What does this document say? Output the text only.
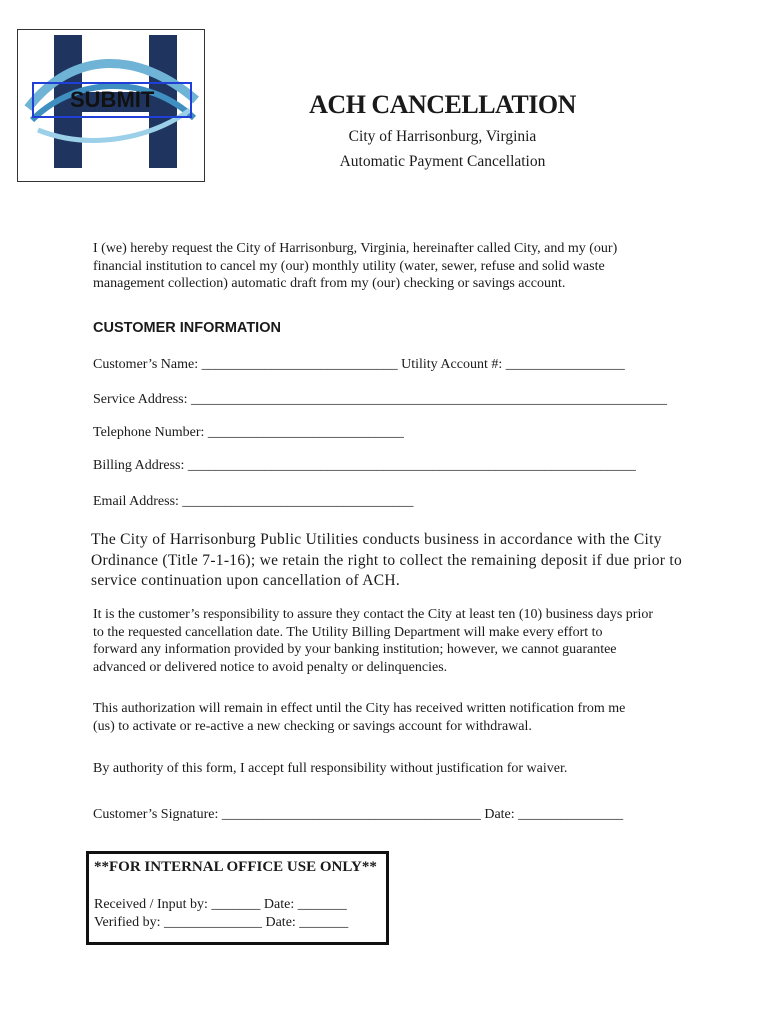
SUBMIT	ACH CANCELLATION
City of Harrisonburg, Virginia
Automatic Payment Cancellation
I (we) hereby request the City of Harrisonburg, Virginia, hereinafter called City, and my (our)
financial institution to cancel my (our) monthly utility (water, sewer, refuse and solid waste
management collection) automatic draft from my (our) checking or savings account.
CUSTOMER INFORMATION
Customer’s Name: ____________________________ Utility Account #: _________________
Service Address: ____________________________________________________________________
Telephone Number: ____________________________
Billing Address: ________________________________________________________________
Email Address: _________________________________
The City of Harrisonburg Public Utilities conducts business in accordance with the City
Ordinance (Title 7-1-16); we retain the right to collect the remaining deposit if due prior to
service continuation upon cancellation of ACH.
It is the customer’s responsibility to assure they contact the City at least ten (10) business days prior
to the requested cancellation date. The Utility Billing Department will make every effort to
forward any information provided by your banking institution; however, we cannot guarantee
advanced or delivered notice to avoid penalty or delinquencies.
This authorization will remain in effect until the City has received written notification from me
(us) to activate or re-active a new checking or savings account for withdrawal.
By authority of this form, I accept full responsibility without justification for waiver.
Customer’s Signature: _____________________________________ Date: _______________
**FOR INTERNAL OFFICE USE ONLY**
Received / Input by: _______ Date: _______
Verified by: ______________ Date: _______
